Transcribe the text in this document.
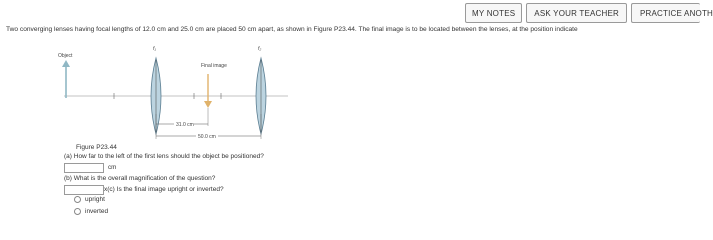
MY NOTES	ASK YOUR TEACHER	PRACTICE ANOTH
Two converging lenses having focal lengths of 12.0 cm and 25.0 cm are placed 50 cm apart, as shown in Figure P23.44. The final image is to be located between the lenses, at the position indicate
Object
f₁	f₂
Final image
31.0 cm
50.0 cm
Figure P23.44
(a) How far to the left of the first lens should the object be positioned?
cm
(b) What is the overall magnification of the question?
x(c) Is the final image upright or inverted?
upright
inverted
